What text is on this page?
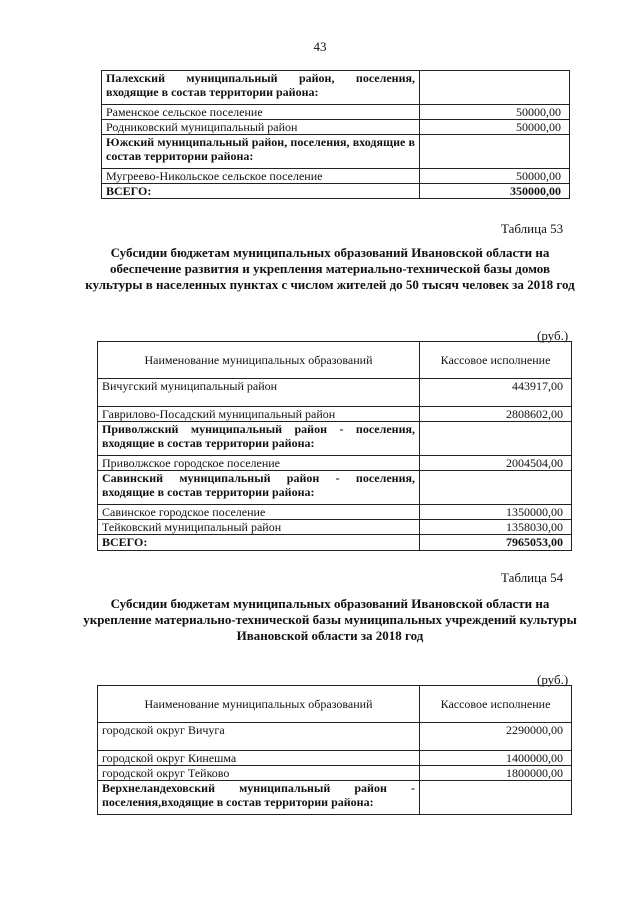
43
Палехский муниципальный район, поселения, входящие в состав территории района:	
Раменское сельское поселение	50000,00
Родниковский муниципальный район	50000,00
Южский муниципальный район, поселения, входящие в состав территории района:	
Мугреево-Никольское сельское поселение	50000,00
ВСЕГО:	350000,00
Таблица 53
Субсидии бюджетам муниципальных образований Ивановской области на обеспечение развития и укрепления материально-технической базы домов культуры в населенных пунктах с числом жителей до 50 тысяч человек за 2018 год
(руб.)
Наименование муниципальных образований	Кассовое исполнение
Вичугский муниципальный район	443917,00
Гаврилово-Посадский муниципальный район	2808602,00
Приволжский муниципальный район - поселения, входящие в состав территории района:	
Приволжское городское поселение	2004504,00
Савинский муниципальный район - поселения, входящие в состав территории района:	
Савинское городское поселение	1350000,00
Тейковский муниципальный район	1358030,00
ВСЕГО:	7965053,00
Таблица 54
Субсидии бюджетам муниципальных образований Ивановской области на укрепление материально-технической базы муниципальных учреждений культуры Ивановской области за 2018 год
(руб.)
Наименование муниципальных образований	Кассовое исполнение
городской округ Вичуга	2290000,00
городской округ Кинешма	1400000,00
городской округ Тейково	1800000,00
Верхнеландеховский муниципальный район - поселения,входящие в состав территории района:	
